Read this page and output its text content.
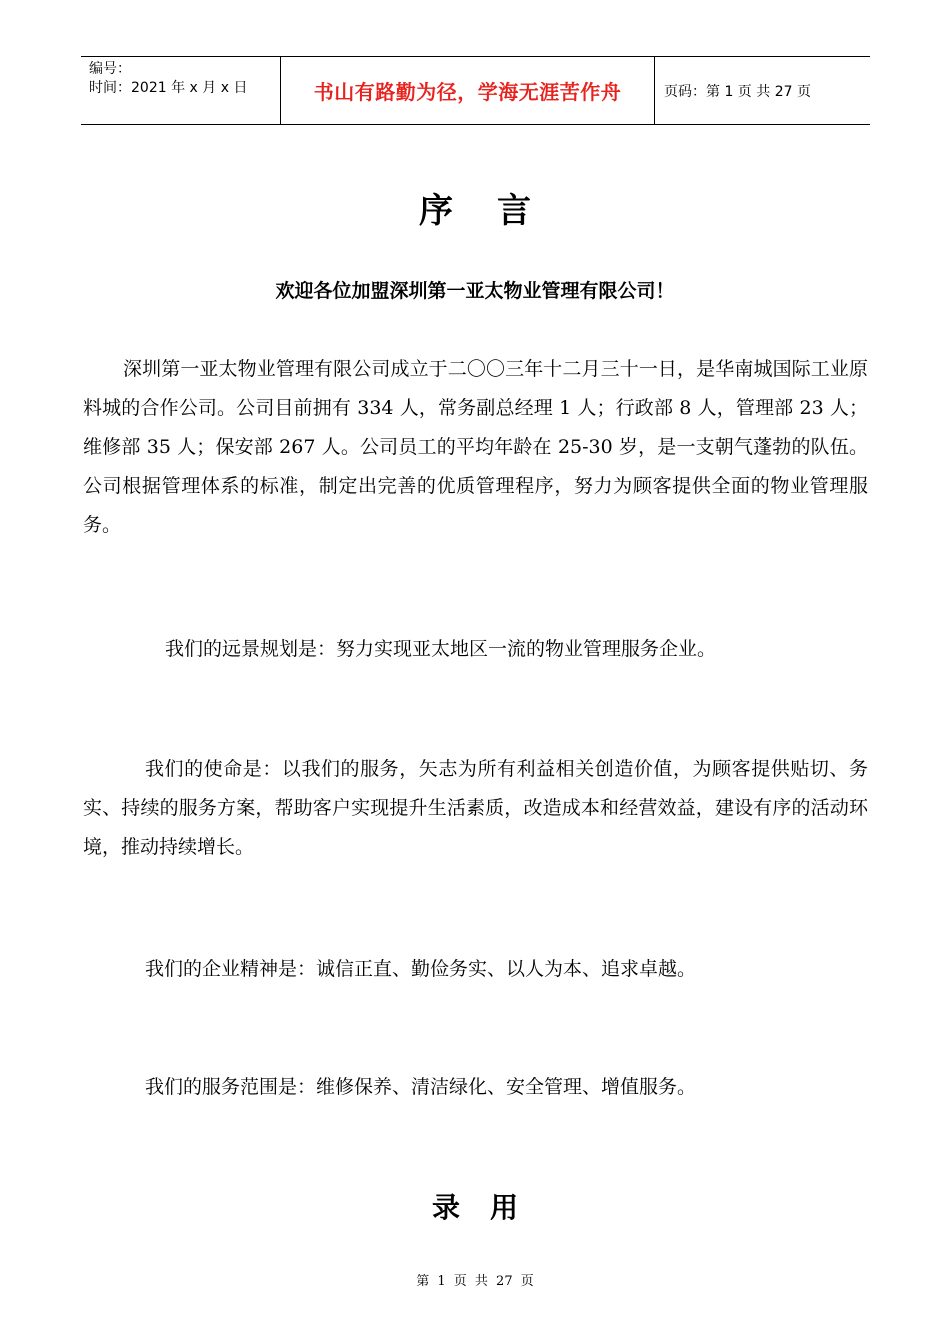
编号：
时间：2021 年 x 月 x 日	书山有路勤为径，学海无涯苦作舟	页码：第 1 页 共 27 页
序言
欢迎各位加盟深圳第一亚太物业管理有限公司！
深圳第一亚太物业管理有限公司成立于二〇〇三年十二月三十一日，是华南城国际工业原料城的合作公司。公司目前拥有 334 人，常务副总经理 1 人；行政部 8 人，管理部 23 人；维修部 35 人；保安部 267 人。公司员工的平均年龄在 25-30 岁，是一支朝气蓬勃的队伍。公司根据管理体系的标准，制定出完善的优质管理程序，努力为顾客提供全面的物业管理服务。
我们的远景规划是：努力实现亚太地区一流的物业管理服务企业。
我们的使命是：以我们的服务，矢志为所有利益相关创造价值，为顾客提供贴切、务实、持续的服务方案，帮助客户实现提升生活素质，改造成本和经营效益，建设有序的活动环境，推动持续增长。
我们的企业精神是：诚信正直、勤俭务实、以人为本、追求卓越。
我们的服务范围是：维修保养、清洁绿化、安全管理、增值服务。
录用
第 1 页 共 27 页
